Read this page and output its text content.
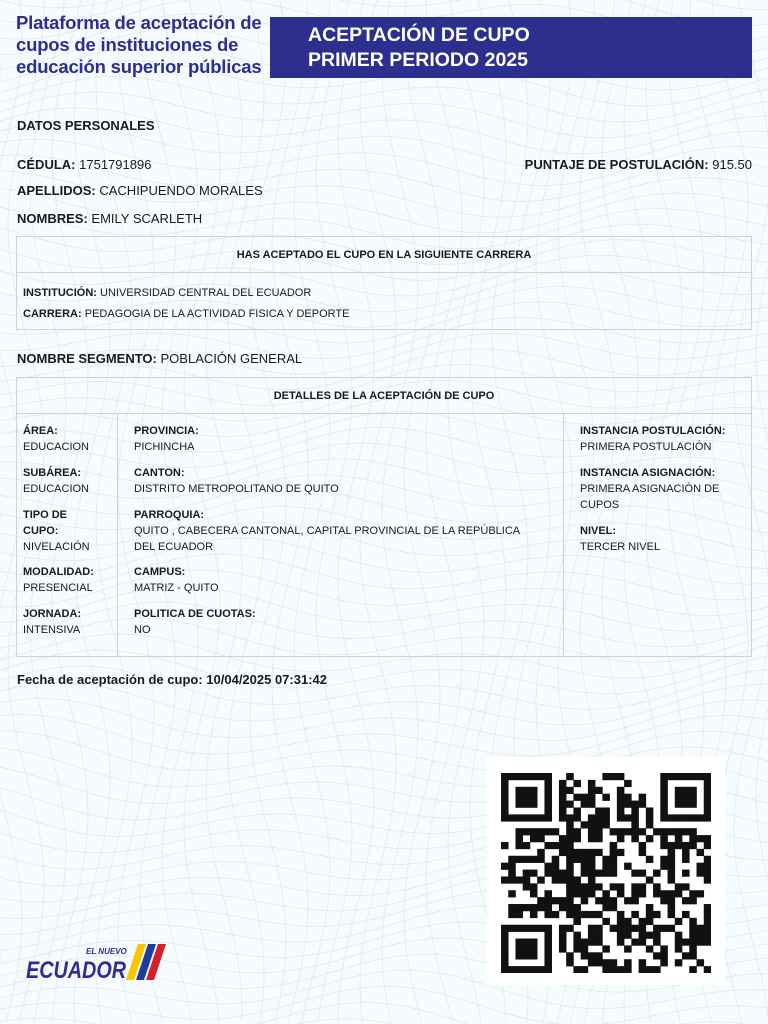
Plataforma de aceptación de
cupos de instituciones de
educación superior públicas
ACEPTACIÓN DE CUPO
PRIMER PERIODO 2025
DATOS PERSONALES
CÉDULA: 1751791896	PUNTAJE DE POSTULACIÓN: 915.50
APELLIDOS: CACHIPUENDO MORALES
NOMBRES: EMILY SCARLETH
HAS ACEPTADO EL CUPO EN LA SIGUIENTE CARRERA
INSTITUCIÓN: UNIVERSIDAD CENTRAL DEL ECUADOR
CARRERA: PEDAGOGIA DE LA ACTIVIDAD FISICA Y DEPORTE
NOMBRE SEGMENTO: POBLACIÓN GENERAL
DETALLES DE LA ACEPTACIÓN DE CUPO
ÁREA:
EDUCACION
SUBÁREA:
EDUCACION
TIPO DE
CUPO:
NIVELACIÓN
MODALIDAD:
PRESENCIAL
JORNADA:
INTENSIVA
PROVINCIA:
PICHINCHA
CANTON:
DISTRITO METROPOLITANO DE QUITO
PARROQUIA:
QUITO , CABECERA CANTONAL, CAPITAL PROVINCIAL DE LA REPÚBLICA
DEL ECUADOR
CAMPUS:
MATRIZ - QUITO
POLITICA DE CUOTAS:
NO
INSTANCIA POSTULACIÓN:
PRIMERA POSTULACIÓN
INSTANCIA ASIGNACIÓN:
PRIMERA ASIGNACIÓN DE
CUPOS
NIVEL:
TERCER NIVEL
Fecha de aceptación de cupo: 10/04/2025 07:31:42
EL NUEVO
ECUADOR
